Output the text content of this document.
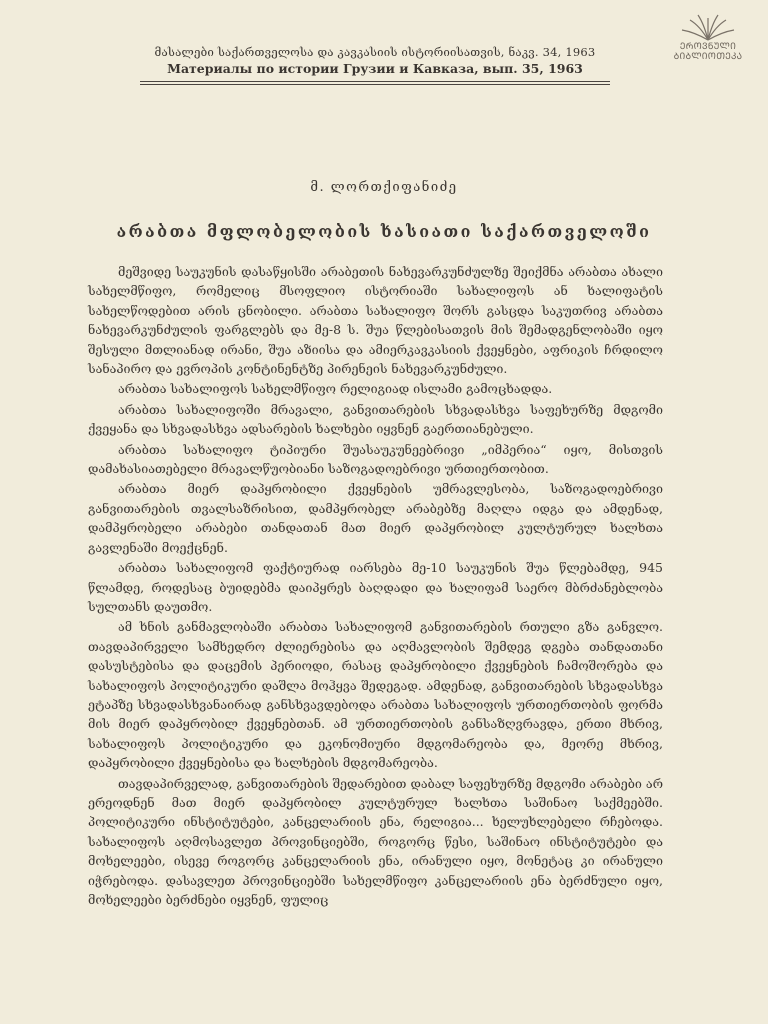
მასალები საქართველოსა და კავკასიის ისტორიისათვის, ნაკვ. 34, 1963
Материалы по истории Грузии и Кавказа, вып. 35, 1963
ᲔᲠᲝᲕᲜᲣᲚᲘ
ᲑᲘᲑᲚᲘᲝᲗᲔᲙᲐ
მ. ლორთქიფანიძე
არაბთა მფლობელობის ხასიათი საქართველოში

მეშვიდე საუკუნის დასაწყისში არაბეთის ნახევარკუნძულზე შეიქმნა არაბთა ახალი სახელმწიფო, რომელიც მსოფლიო ისტორიაში სახალიფოს ან ხალიფატის სახელწოდებით არის ცნობილი. არაბთა სახალიფო შორს გასცდა საკუთრივ არაბთა ნახევარკუნძულის ფარგლებს და მე-8 ს. შუა წლებისათვის მის შემადგენლობაში იყო შესული მთლიანად ირანი, შუა აზიისა და ამიერკავკასიის ქვეყნები, აფრიკის ჩრდილო სანაპირო და ევროპის კონტინენტზე პირენეის ნახევარკუნძული.

არაბთა სახალიფოს სახელმწიფო რელიგიად ისლამი გამოცხადდა.

არაბთა სახალიფოში მრავალი, განვითარების სხვადასხვა საფეხურზე მდგომი ქვეყანა და სხვადასხვა ადსარების ხალხები იყვნენ გაერთიანებული.

არაბთა სახალიფო ტიპიური შუასაუკუნეებრივი „იმპერია“ იყო, მისთვის დამახასიათებელი მრავალწუობიანი საზოგადოებრივი ურთიერთობით.

არაბთა მიერ დაპყრობილი ქვეყნების უმრავლესობა, საზოგადოებრივი განვითარების თვალსაზრისით, დამპყრობელ არაბებზე მაღლა იდგა და ამდენად, დამპყრობელი არაბები თანდათან მათ მიერ დაპყრობილ კულტურულ ხალხთა გავლენაში მოექცნენ.

არაბთა სახალიფომ ფაქტიურად იარსება მე-10 საუკუნის შუა წლებამდე, 945 წლამდე, როდესაც ბუიდებმა დაიპყრეს ბაღდადი და ხალიფამ საერო მბრძანებლობა სულთანს დაუთმო.

ამ ხნის განმავლობაში არაბთა სახალიფომ განვითარების რთული გზა განვლო. თავდაპირველი სამხედრო ძლიერებისა და აღმავლობის შემდეგ დგება თანდათანი დასუსტებისა და დაცემის პერიოდი, რასაც დაპყრობილი ქვეყნების ჩამოშორება და სახალიფოს პოლიტიკური დაშლა მოჰყვა შედეგად. ამდენად, განვითარების სხვადასხვა ეტაპზე სხვადასხვანაირად განსხვავდებოდა არაბთა სახალიფოს ურთიერთობის ფორმა მის მიერ დაპყრობილ ქვეყნებთან. ამ ურთიერთობის განსაზღვრავდა, ერთი მხრივ, სახალიფოს პოლიტიკური და ეკონომიური მდგომარეობა და, მეორე მხრივ, დაპყრობილი ქვეყნებისა და ხალხების მდგომარეობა.

თავდაპირველად, განვითარების შედარებით დაბალ საფეხურზე მდგომი არაბები არ ერეოდნენ მათ მიერ დაპყრობილ კულტურულ ხალხთა საშინაო საქმეებში. პოლიტიკური ინსტიტუტები, კანცელარიის ენა, რელიგია... ხელუხლებელი რჩებოდა. სახალიფოს აღმოსავლეთ პროვინციებში, როგორც წესი, საშინაო ინსტიტუტები და მოხელეები, ისევე როგორც კანცელარიის ენა, ირანული იყო, მონეტაც კი ირანული იჭრებოდა. დასავლეთ პროვინციებში სახელმწიფო კანცელარიის ენა ბერძნული იყო, მოხელეები ბერძნები იყვნენ, ფულიც
